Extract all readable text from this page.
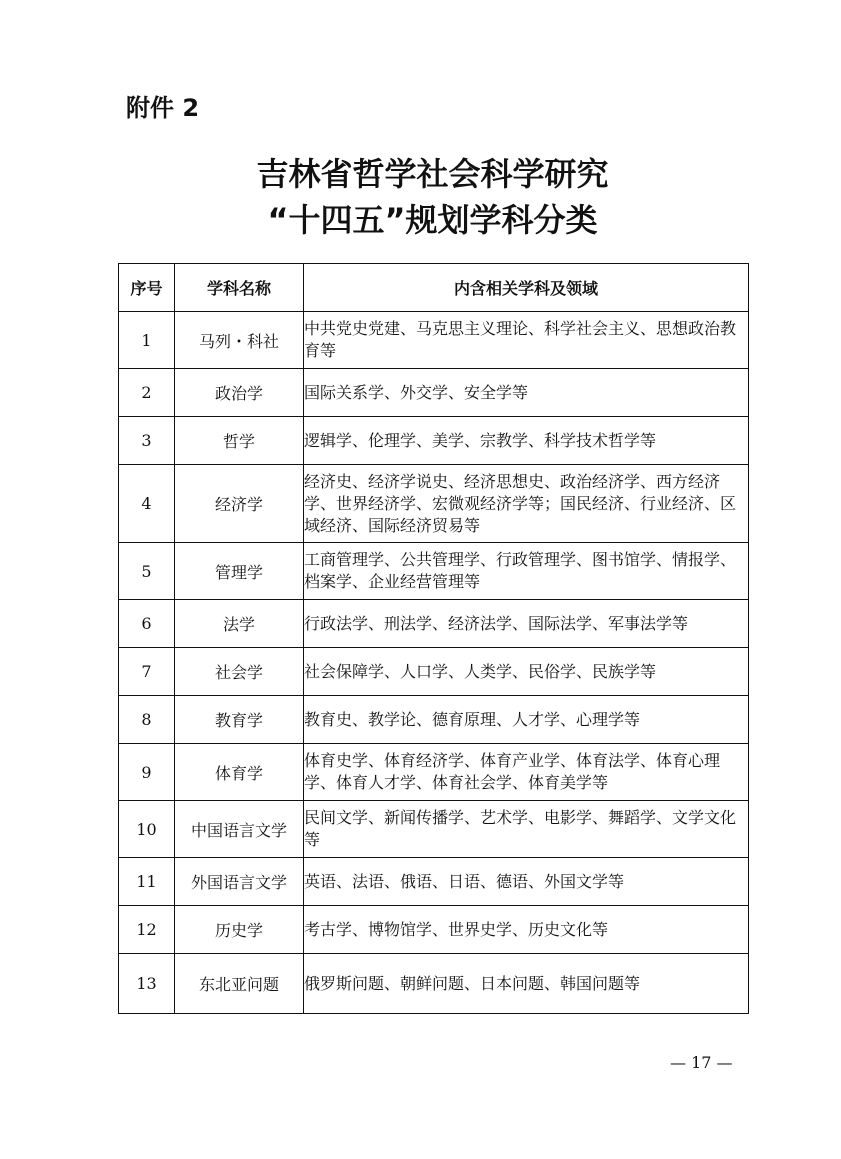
附件 2
吉林省哲学社会科学研究
“十四五”规划学科分类
序号	学科名称	内含相关学科及领域
1	马列・科社	中共党史党建、马克思主义理论、科学社会主义、思想政治教育等
2	政治学	国际关系学、外交学、安全学等
3	哲学	逻辑学、伦理学、美学、宗教学、科学技术哲学等
4	经济学	经济史、经济学说史、经济思想史、政治经济学、西方经济学、世界经济学、宏微观经济学等；国民经济、行业经济、区域经济、国际经济贸易等
5	管理学	工商管理学、公共管理学、行政管理学、图书馆学、情报学、档案学、企业经营管理等
6	法学	行政法学、刑法学、经济法学、国际法学、军事法学等
7	社会学	社会保障学、人口学、人类学、民俗学、民族学等
8	教育学	教育史、教学论、德育原理、人才学、心理学等
9	体育学	体育史学、体育经济学、体育产业学、体育法学、体育心理学、体育人才学、体育社会学、体育美学等
10	中国语言文学	民间文学、新闻传播学、艺术学、电影学、舞蹈学、文学文化等
11	外国语言文学	英语、法语、俄语、日语、德语、外国文学等
12	历史学	考古学、博物馆学、世界史学、历史文化等
13	东北亚问题	俄罗斯问题、朝鲜问题、日本问题、韩国问题等
— 17 —
